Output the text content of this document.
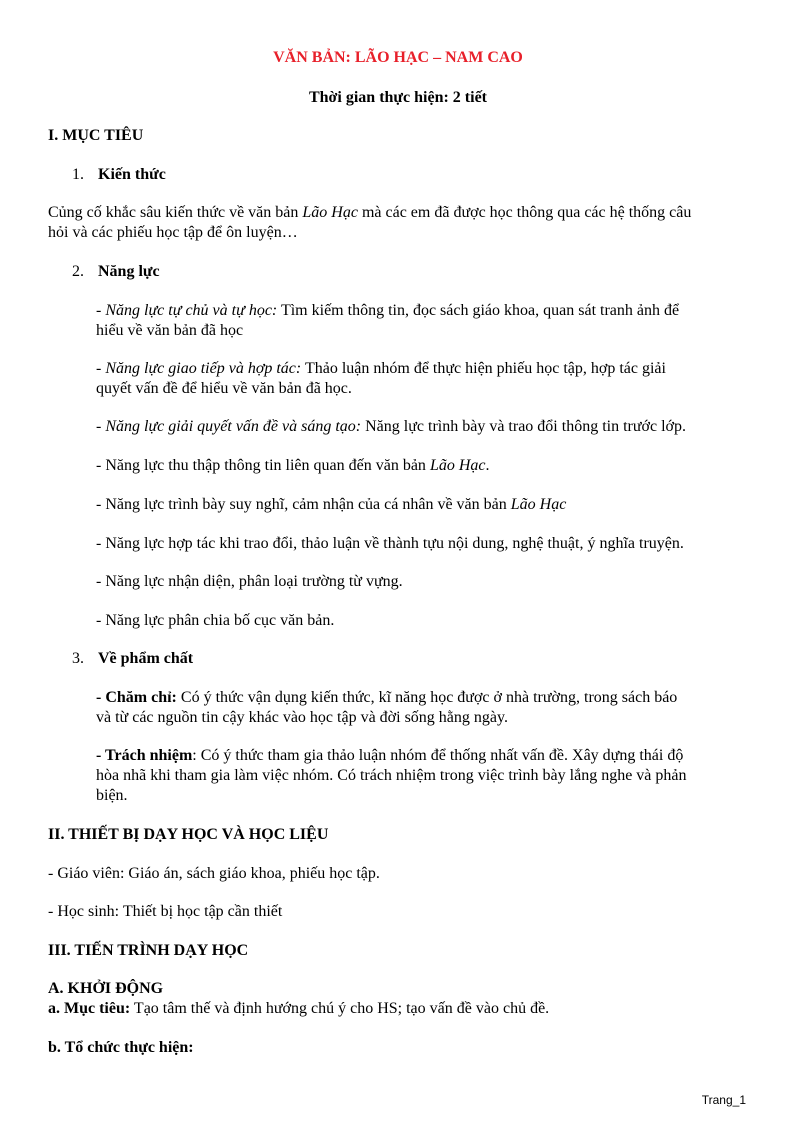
VĂN BẢN: LÃO HẠC – NAM CAO
Thời gian thực hiện: 2 tiết
I. MỤC TIÊU
1. Kiến thức
Củng cố khắc sâu kiến thức về văn bản Lão Hạc mà các em đã được học thông qua các hệ thống câu
hỏi và các phiếu học tập để ôn luyện…
2. Năng lực
- Năng lực tự chủ và tự học: Tìm kiếm thông tin, đọc sách giáo khoa, quan sát tranh ảnh để
hiểu về văn bản đã học
- Năng lực giao tiếp và hợp tác: Thảo luận nhóm để thực hiện phiếu học tập, hợp tác giải
quyết vấn đề để hiểu về văn bản đã học.
- Năng lực giải quyết vấn đề và sáng tạo: Năng lực trình bày và trao đổi thông tin trước lớp.
- Năng lực thu thập thông tin liên quan đến văn bản Lão Hạc.
- Năng lực trình bày suy nghĩ, cảm nhận của cá nhân về văn bản Lão Hạc
- Năng lực hợp tác khi trao đổi, thảo luận về thành tựu nội dung, nghệ thuật, ý nghĩa truyện.
- Năng lực nhận diện, phân loại trường từ vựng.
- Năng lực phân chia bố cục văn bản.
3. Về phẩm chất
- Chăm chỉ: Có ý thức vận dụng kiến thức, kĩ năng học được ở nhà trường, trong sách báo
và từ các nguồn tin cậy khác vào học tập và đời sống hằng ngày.
- Trách nhiệm: Có ý thức tham gia thảo luận nhóm để thống nhất vấn đề. Xây dựng thái độ
hòa nhã khi tham gia làm việc nhóm. Có trách nhiệm trong việc trình bày lắng nghe và phản
biện.
II. THIẾT BỊ DẠY HỌC VÀ HỌC LIỆU
- Giáo viên: Giáo án, sách giáo khoa, phiếu học tập.
- Học sinh: Thiết bị học tập cần thiết
III. TIẾN TRÌNH DẠY HỌC
A. KHỞI ĐỘNG
a. Mục tiêu: Tạo tâm thế và định hướng chú ý cho HS; tạo vấn đề vào chủ đề.
b. Tổ chức thực hiện:
Trang_1
